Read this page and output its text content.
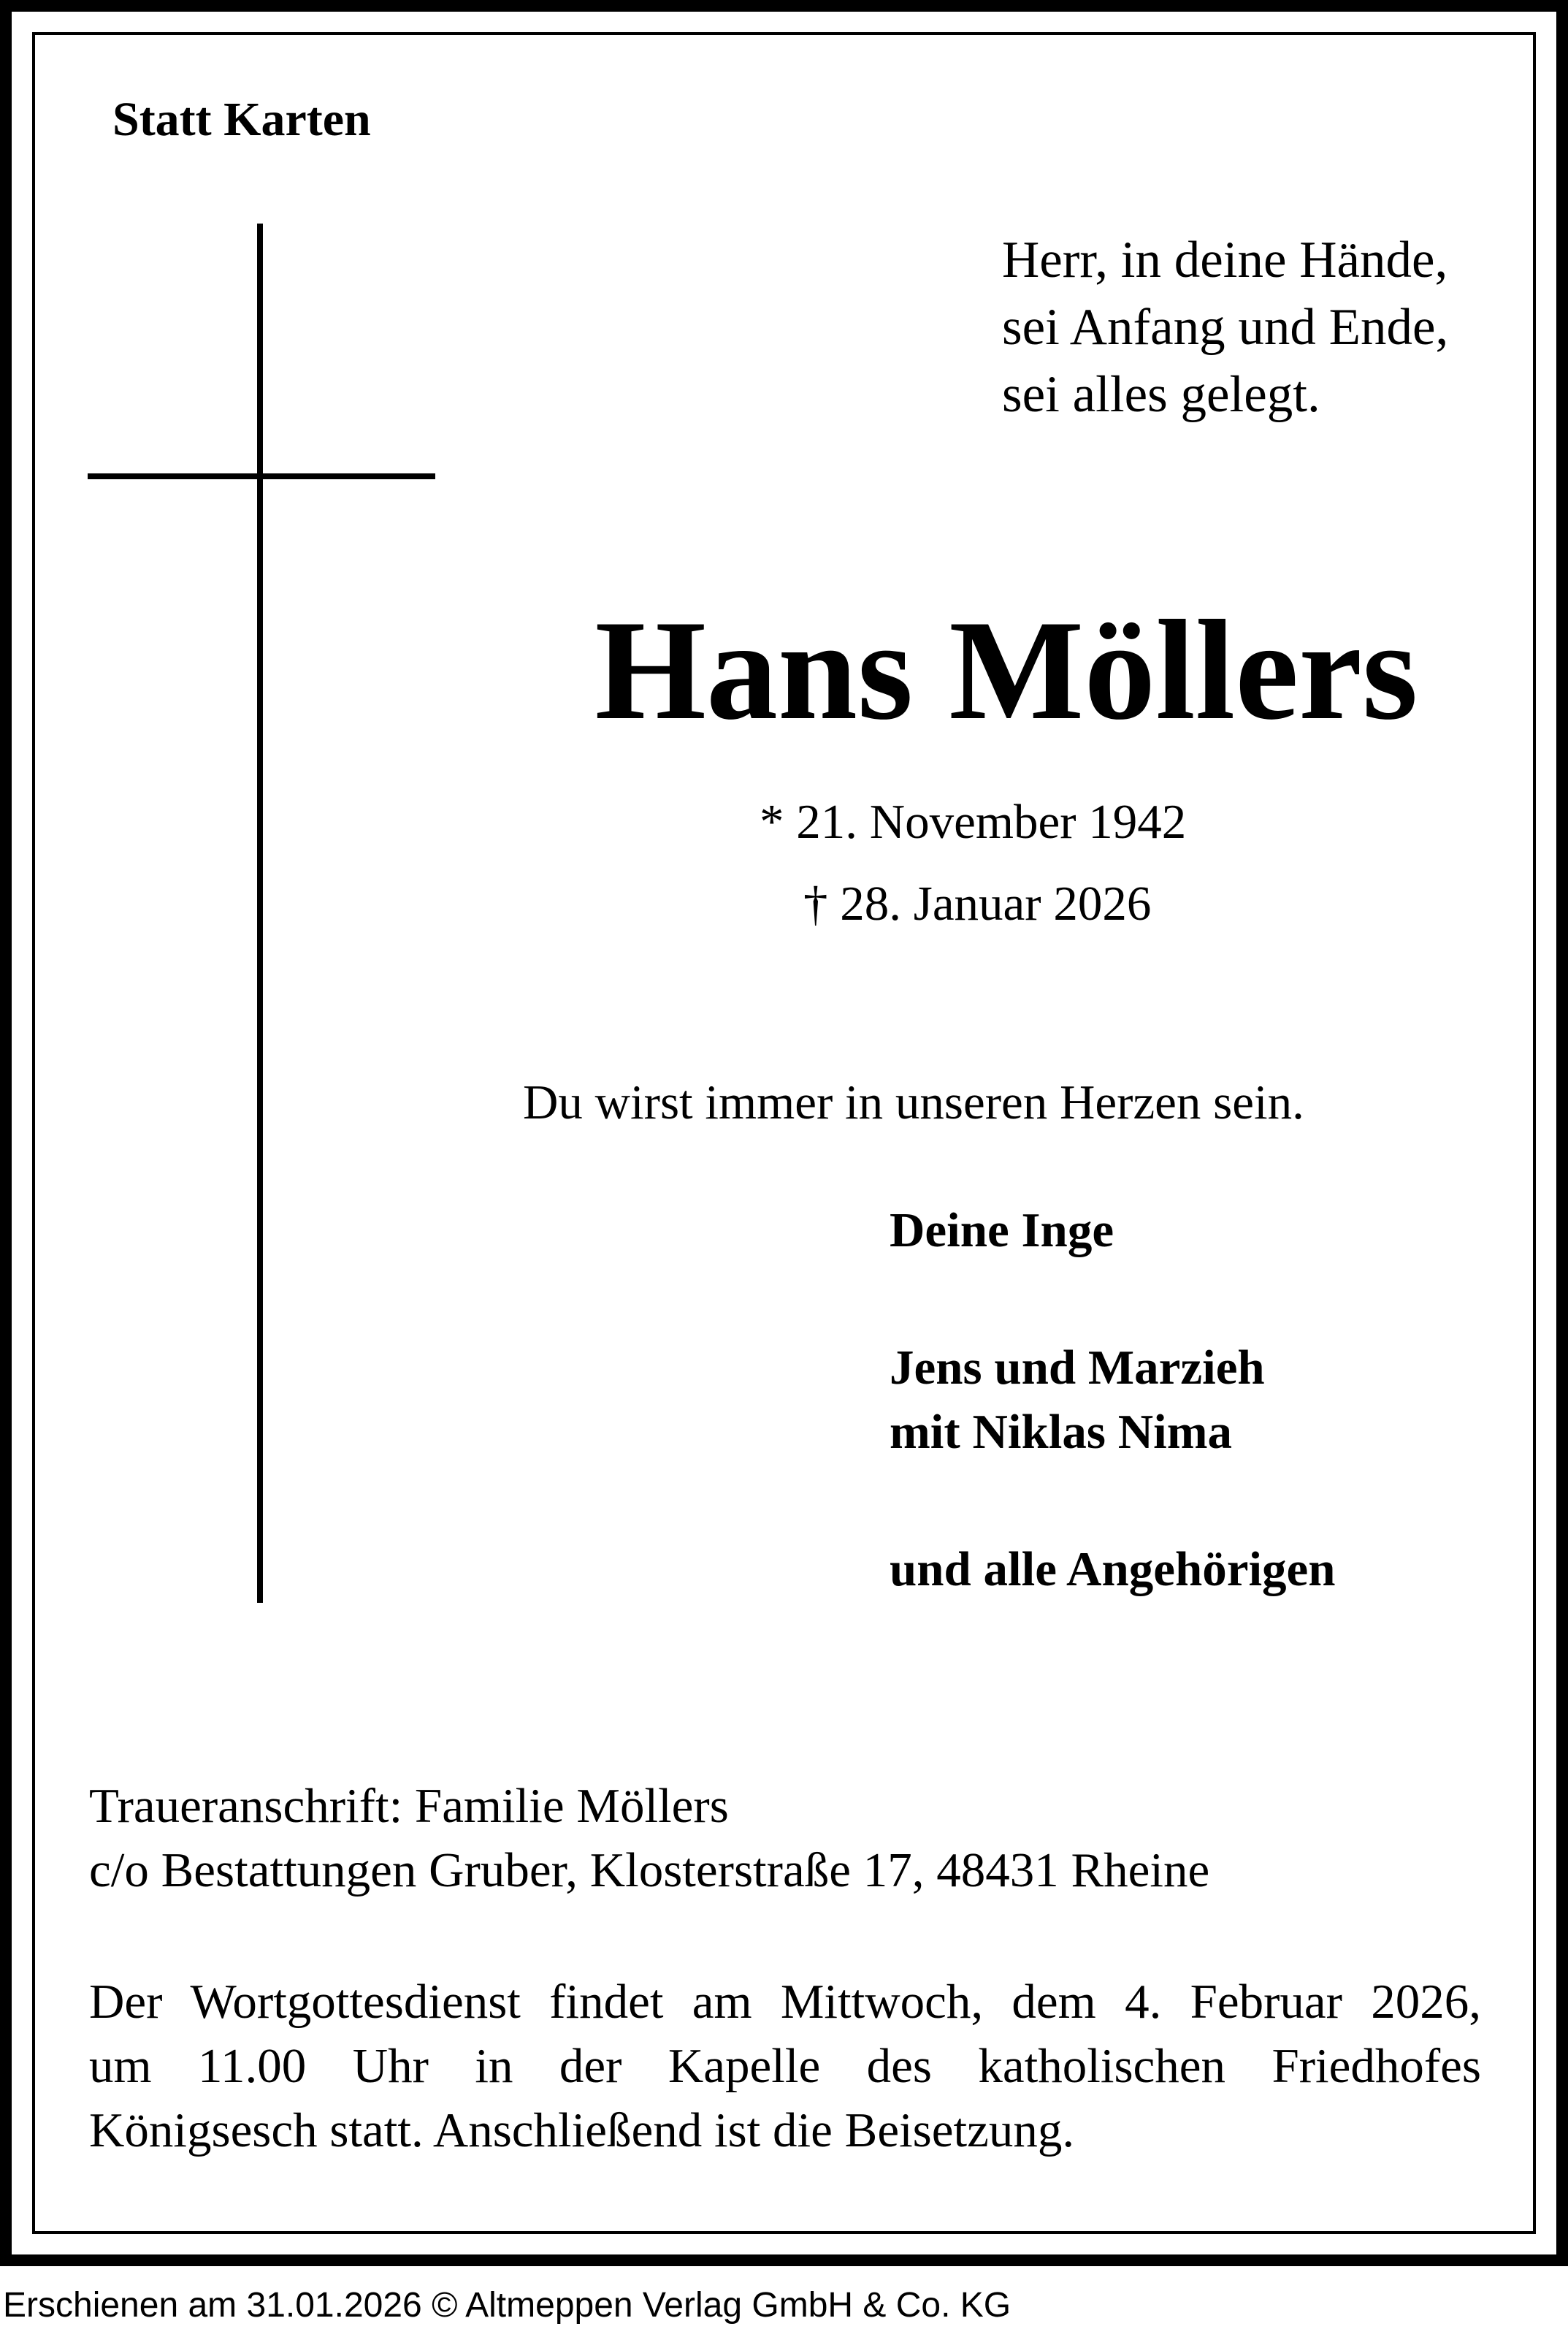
Statt Karten
Herr, in deine Hände,
sei Anfang und Ende,
sei alles gelegt.
Hans Möllers
* 21. November 1942
† 28. Januar 2026
Du wirst immer in unseren Herzen sein.
Deine Inge
Jens und Marzieh
mit Niklas Nima
und alle Angehörigen
Traueranschrift: Familie Möllers
c/o Bestattungen Gruber, Klosterstraße 17, 48431 Rheine
Der Wortgottesdienst findet am Mittwoch, dem 4. Februar 2026,
um 11.00 Uhr in der Kapelle des katholischen Friedhofes
Königsesch statt. Anschließend ist die Beisetzung.
Erschienen am 31.01.2026 © Altmeppen Verlag GmbH & Co. KG
